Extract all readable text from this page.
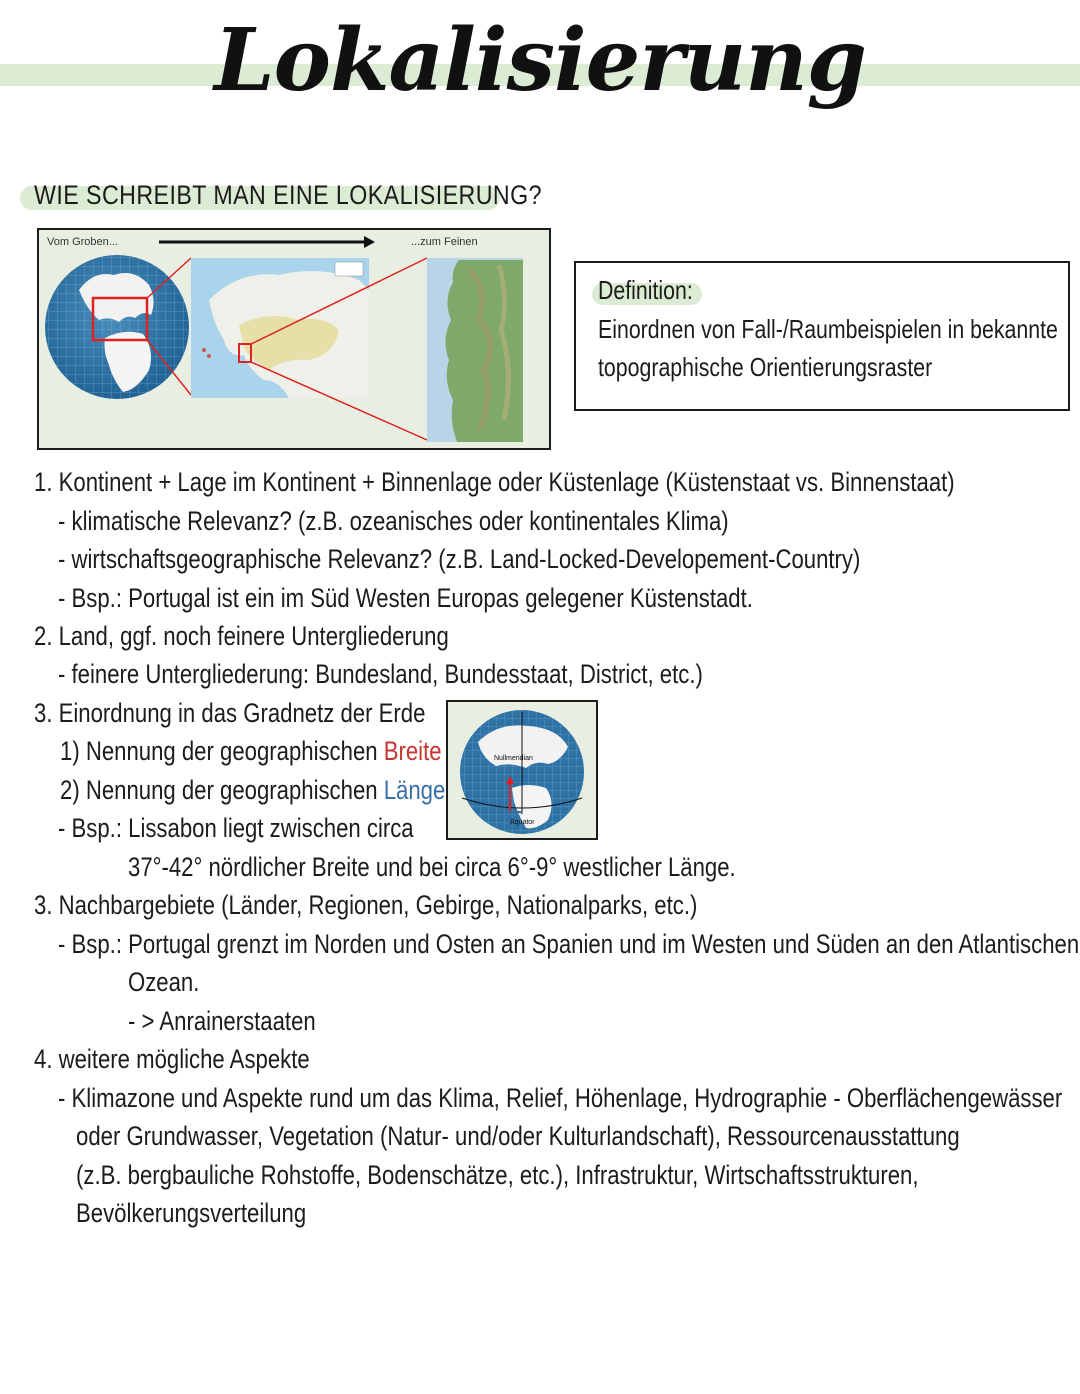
Lokalisierung
WIE SCHREIBT MAN EINE LOKALISIERUNG?
Vom Groben...	...zum Feinen
Definition:
Einordnen von Fall-/Raumbeispielen in bekannte
topographische Orientierungsraster
1. Kontinent + Lage im Kontinent + Binnenlage oder Küstenlage (Küstenstaat vs. Binnenstaat)
- klimatische Relevanz? (z.B. ozeanisches oder kontinentales Klima)
- wirtschaftsgeographische Relevanz? (z.B. Land-Locked-Developement-Country)
- Bsp.: Portugal ist ein im Süd Westen Europas gelegener Küstenstadt.
2. Land, ggf. noch feinere Untergliederung
- feinere Untergliederung: Bundesland, Bundesstaat, District, etc.)
3. Einordnung in das Gradnetz der Erde
1) Nennung der geographischen Breite
2) Nennung der geographischen Länge
- Bsp.: Lissabon liegt zwischen circa
37°-42° nördlicher Breite und bei circa 6°-9° westlicher Länge.
3. Nachbargebiete (Länder, Regionen, Gebirge, Nationalparks, etc.)
- Bsp.: Portugal grenzt im Norden und Osten an Spanien und im Westen und Süden an den Atlantischen
Ozean.
- > Anrainerstaaten
4. weitere mögliche Aspekte
- Klimazone und Aspekte rund um das Klima, Relief, Höhenlage, Hydrographie - Oberflächengewässer
oder Grundwasser, Vegetation (Natur- und/oder Kulturlandschaft), Ressourcenausstattung
(z.B. bergbauliche Rohstoffe, Bodenschätze, etc.), Infrastruktur, Wirtschaftsstrukturen,
Bevölkerungsverteilung
Nullmeridian
Äquator
